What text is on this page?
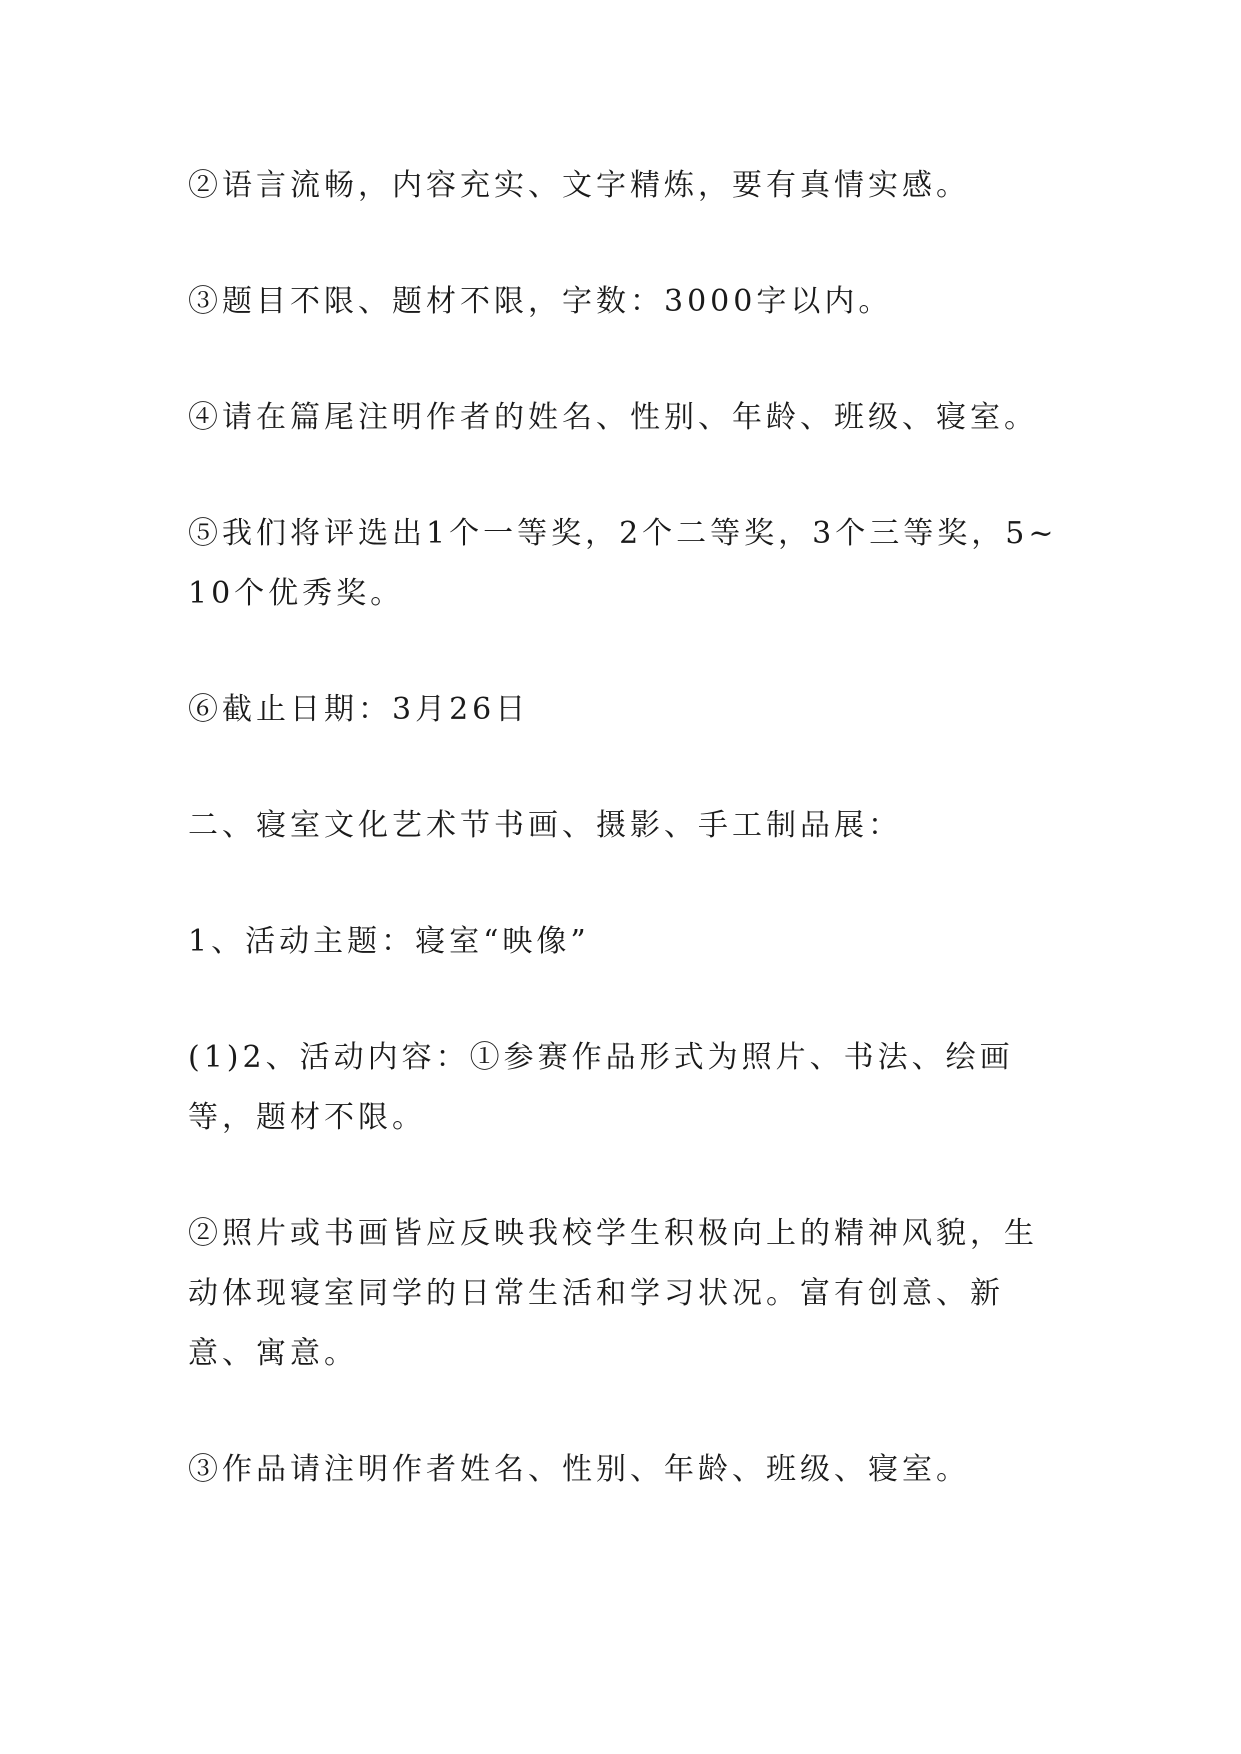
②语言流畅，内容充实、文字精炼，要有真情实感。

③题目不限、题材不限，字数：3000字以内。

④请在篇尾注明作者的姓名、性别、年龄、班级、寝室。

⑤我们将评选出1个一等奖，2个二等奖，3个三等奖，5~10个优秀奖。

⑥截止日期：3月26日

二、寝室文化艺术节书画、摄影、手工制品展：

1、活动主题：寝室“映像”

(1)2、活动内容：①参赛作品形式为照片、书法、绘画等，题材不限。

②照片或书画皆应反映我校学生积极向上的精神风貌，生动体现寝室同学的日常生活和学习状况。富有创意、新意、寓意。

③作品请注明作者姓名、性别、年龄、班级、寝室。
